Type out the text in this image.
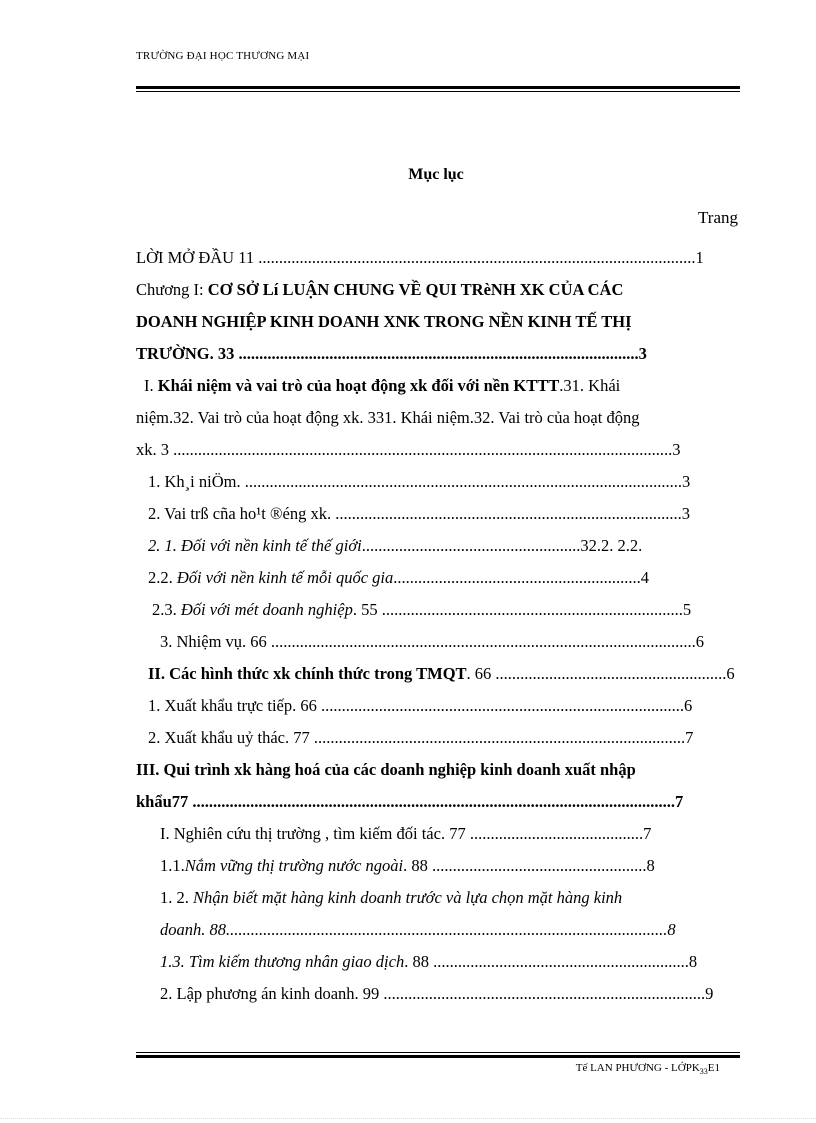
TRƯỜNG ĐẠI HỌC THƯƠNG MẠI
Mục lục
Trang
LỜI MỞ ĐẦU 11 ..........................................................................................................1
Chương I: CƠ SỞ Lí LUẬN CHUNG VỀ QUI TRèNH XK CỦA CÁC
DOANH NGHIỆP KINH DOANH XNK TRONG NỀN KINH TẾ THỊ
TRƯỜNG. 33 .................................................................................................3
I. Khái niệm và vai trò của hoạt động xk đối với nền KTTT.31. Khái
niệm.32. Vai trò của hoạt động xk. 331. Khái niệm.32. Vai trò của hoạt động
xk. 3 .........................................................................................................................3
1. Kh¸i niÖm. ..........................................................................................................3
2. Vai trß cña ho¹t ®éng xk. ....................................................................................3
2. 1. Đối với nền kinh tế thế giới.....................................................32.2. 2.2.
2.2. Đối với nền kinh tế mỗi quốc gia............................................................4
2.3. Đối với mét doanh nghiệp. 55 .........................................................................5
3. Nhiệm vụ. 66 .......................................................................................................6
II. Các hình thức xk chính thức trong TMQT. 66 ........................................................6
1. Xuất khẩu trực tiếp. 66 ........................................................................................6
2. Xuất khẩu uỷ thác. 77 ..........................................................................................7
III. Qui trình xk hàng hoá của các doanh nghiệp kinh doanh xuất nhập
khẩu77 .....................................................................................................................7
I. Nghiên cứu thị trường , tìm kiếm đối tác. 77 ..........................................7
1.1.Nắm vững thị trường nước ngoài. 88 ....................................................8
1. 2. Nhận biết mặt hàng kinh doanh trước và lựa chọn mặt hàng kinh
doanh. 88...........................................................................................................8
1.3. Tìm kiếm thương nhân giao dịch. 88 ..............................................................8
2. Lập phương án kinh doanh. 99 ..............................................................................9
Tế LAN PHƯƠNG - LỚPK$_{33}$E1
